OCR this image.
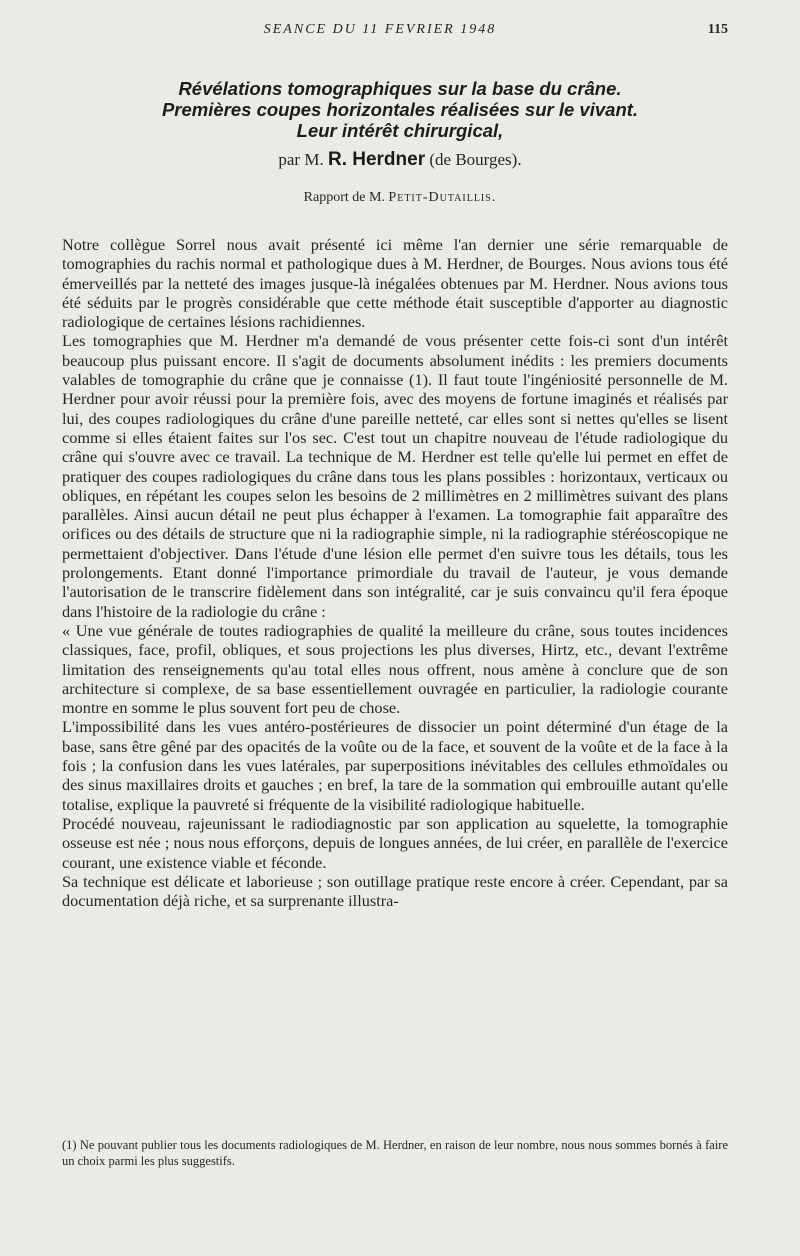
SEANCE DU 11 FEVRIER 1948	115
Révélations tomographiques sur la base du crâne.
Premières coupes horizontales réalisées sur le vivant.
Leur intérêt chirurgical,
par M. R. Herdner (de Bourges).
Rapport de M. Petit-Dutaillis.

Notre collègue Sorrel nous avait présenté ici même l'an dernier une série remarquable de tomographies du rachis normal et pathologique dues à M. Herdner, de Bourges. Nous avions tous été émerveillés par la netteté des images jusque-là inégalées obtenues par M. Herdner. Nous avions tous été séduits par le progrès considérable que cette méthode était susceptible d'apporter au diagnostic radiologique de certaines lésions rachidiennes.

Les tomographies que M. Herdner m'a demandé de vous présenter cette fois-ci sont d'un intérêt beaucoup plus puissant encore. Il s'agit de documents absolument inédits : les premiers documents valables de tomographie du crâne que je connaisse (1). Il faut toute l'ingéniosité personnelle de M. Herdner pour avoir réussi pour la première fois, avec des moyens de fortune imaginés et réalisés par lui, des coupes radiologiques du crâne d'une pareille netteté, car elles sont si nettes qu'elles se lisent comme si elles étaient faites sur l'os sec. C'est tout un chapitre nouveau de l'étude radiologique du crâne qui s'ouvre avec ce travail. La technique de M. Herdner est telle qu'elle lui permet en effet de pratiquer des coupes radiologiques du crâne dans tous les plans possibles : horizontaux, verticaux ou obliques, en répétant les coupes selon les besoins de 2 millimètres en 2 millimètres suivant des plans parallèles. Ainsi aucun détail ne peut plus échapper à l'examen. La tomographie fait apparaître des orifices ou des détails de structure que ni la radiographie simple, ni la radiographie stéréoscopique ne permettaient d'objectiver. Dans l'étude d'une lésion elle permet d'en suivre tous les détails, tous les prolongements. Etant donné l'importance primordiale du travail de l'auteur, je vous demande l'autorisation de le transcrire fidèlement dans son intégralité, car je suis convaincu qu'il fera époque dans l'histoire de la radiologie du crâne :

« Une vue générale de toutes radiographies de qualité la meilleure du crâne, sous toutes incidences classiques, face, profil, obliques, et sous projections les plus diverses, Hirtz, etc., devant l'extrême limitation des renseignements qu'au total elles nous offrent, nous amène à conclure que de son architecture si complexe, de sa base essentiellement ouvragée en particulier, la radiologie courante montre en somme le plus souvent fort peu de chose.

L'impossibilité dans les vues antéro-postérieures de dissocier un point déterminé d'un étage de la base, sans être gêné par des opacités de la voûte ou de la face, et souvent de la voûte et de la face à la fois ; la confusion dans les vues latérales, par superpositions inévitables des cellules ethmoïdales ou des sinus maxillaires droits et gauches ; en bref, la tare de la sommation qui embrouille autant qu'elle totalise, explique la pauvreté si fréquente de la visibilité radiologique habituelle.

Procédé nouveau, rajeunissant le radiodiagnostic par son application au squelette, la tomographie osseuse est née ; nous nous efforçons, depuis de longues années, de lui créer, en parallèle de l'exercice courant, une existence viable et féconde.

Sa technique est délicate et laborieuse ; son outillage pratique reste encore à créer. Cependant, par sa documentation déjà riche, et sa surprenante illustra-

(1) Ne pouvant publier tous les documents radiologiques de M. Herdner, en raison de leur nombre, nous nous sommes bornés à faire un choix parmi les plus suggestifs.
